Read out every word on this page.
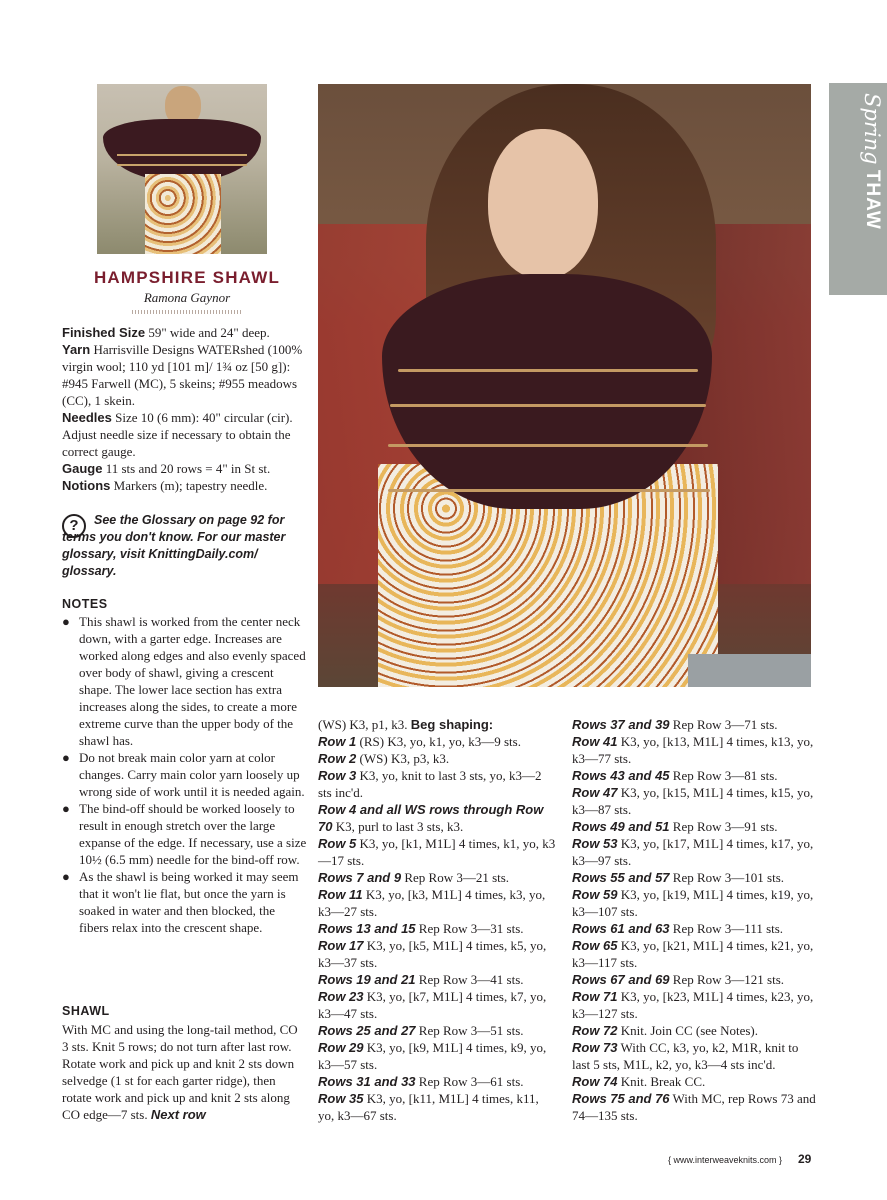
Spring THAW
HAMPSHIRE SHAWL
Ramona Gaynor
Finished Size 59" wide and 24" deep.
Yarn Harrisville Designs WATERshed (100% virgin wool; 110 yd [101 m]/ 1¾ oz [50 g]): #945 Farwell (MC), 5 skeins; #955 meadows (CC), 1 skein.
Needles Size 10 (6 mm): 40" circular (cir). Adjust needle size if necessary to obtain the correct gauge.
Gauge 11 sts and 20 rows = 4" in St st.
Notions Markers (m); tapestry needle.
?	See the Glossary on page 92 for terms you don't know. For our master glossary, visit KnittingDaily.com/ glossary.

NOTES
● This shawl is worked from the center neck down, with a garter edge. Increases are worked along edges and also evenly spaced over body of shawl, giving a crescent shape. The lower lace section has extra increases along the sides, to create a more extreme curve than the upper body of the shawl has.
● Do not break main color yarn at color changes. Carry main color yarn loosely up wrong side of work until it is needed again.
● The bind-off should be worked loosely to result in enough stretch over the large expanse of the edge. If necessary, use a size 10½ (6.5 mm) needle for the bind-off row.
● As the shawl is being worked it may seem that it won't lie flat, but once the yarn is soaked in water and then blocked, the fibers relax into the crescent shape.
SHAWL

With MC and using the long-tail method, CO 3 sts. Knit 5 rows; do not turn after last row. Rotate work and pick up and knit 2 sts down selvedge (1 st for each garter ridge), then rotate work and pick up and knit 2 sts along CO edge—7 sts. Next row

(WS) K3, p1, k3. Beg shaping:
Row 1 (RS) K3, yo, k1, yo, k3—9 sts.
Row 2 (WS) K3, p3, k3.
Row 3 K3, yo, knit to last 3 sts, yo, k3—2 sts inc'd.
Row 4 and all WS rows through Row 70 K3, purl to last 3 sts, k3.
Row 5 K3, yo, [k1, M1L] 4 times, k1, yo, k3—17 sts.
Rows 7 and 9 Rep Row 3—21 sts.
Row 11 K3, yo, [k3, M1L] 4 times, k3, yo, k3—27 sts.
Rows 13 and 15 Rep Row 3—31 sts.
Row 17 K3, yo, [k5, M1L] 4 times, k5, yo, k3—37 sts.
Rows 19 and 21 Rep Row 3—41 sts.
Row 23 K3, yo, [k7, M1L] 4 times, k7, yo, k3—47 sts.
Rows 25 and 27 Rep Row 3—51 sts.
Row 29 K3, yo, [k9, M1L] 4 times, k9, yo, k3—57 sts.
Rows 31 and 33 Rep Row 3—61 sts.
Row 35 K3, yo, [k11, M1L] 4 times, k11, yo, k3—67 sts.
Rows 37 and 39 Rep Row 3—71 sts.
Row 41 K3, yo, [k13, M1L] 4 times, k13, yo, k3—77 sts.
Rows 43 and 45 Rep Row 3—81 sts.
Row 47 K3, yo, [k15, M1L] 4 times, k15, yo, k3—87 sts.
Rows 49 and 51 Rep Row 3—91 sts.
Row 53 K3, yo, [k17, M1L] 4 times, k17, yo, k3—97 sts.
Rows 55 and 57 Rep Row 3—101 sts.
Row 59 K3, yo, [k19, M1L] 4 times, k19, yo, k3—107 sts.
Rows 61 and 63 Rep Row 3—111 sts.
Row 65 K3, yo, [k21, M1L] 4 times, k21, yo, k3—117 sts.
Rows 67 and 69 Rep Row 3—121 sts.
Row 71 K3, yo, [k23, M1L] 4 times, k23, yo, k3—127 sts.
Row 72 Knit. Join CC (see Notes).
Row 73 With CC, k3, yo, k2, M1R, knit to last 5 sts, M1L, k2, yo, k3—4 sts inc'd.
Row 74 Knit. Break CC.
Rows 75 and 76 With MC, rep Rows 73 and 74—135 sts.
{ www.interweaveknits.com }	29
